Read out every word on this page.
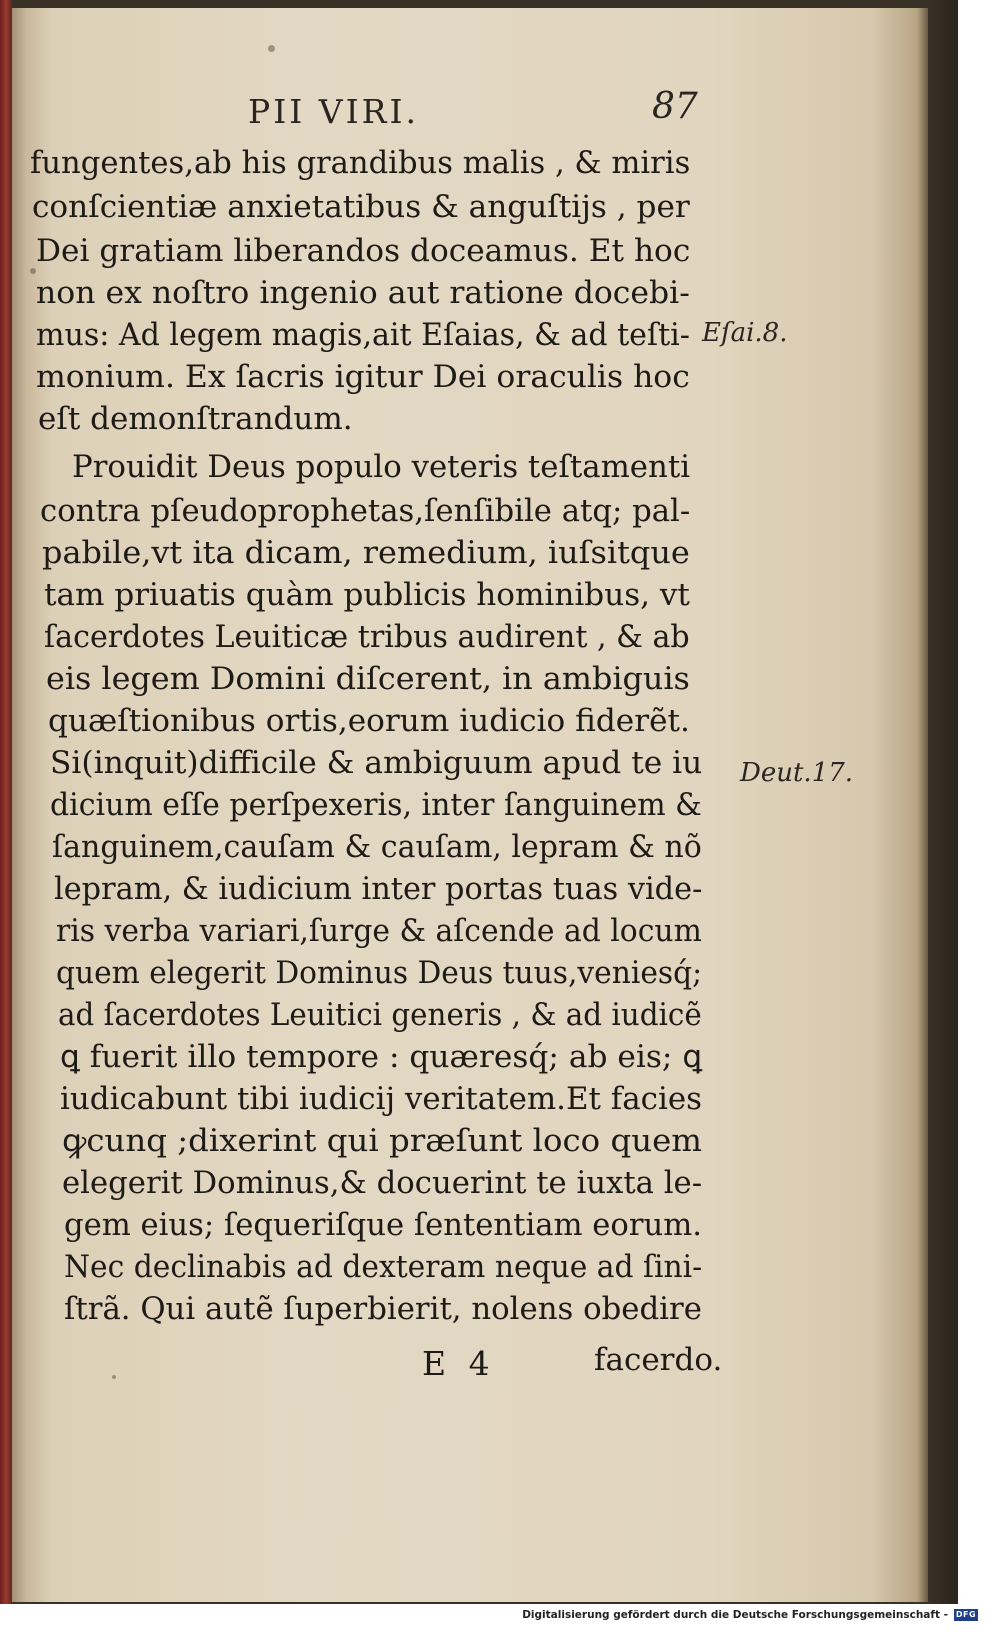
PII VIRI.	87
Eſai.8.
Deut.17.
fungentes,ab his grandibus malis , & miris
conſcientiæ anxietatibus & anguſtijs , per
Dei gratiam liberandos doceamus. Et hoc
non ex noſtro ingenio aut ratione docebi-
mus: Ad legem magis,ait Eſaias, & ad teſti-
monium. Ex ſacris igitur Dei oraculis hoc
eſt demonſtrandum.
Prouidit Deus populo veteris teſtamenti
contra pſeudoprophetas,ſenſibile atq; pal-
pabile,vt ita dicam, remedium, iuſsitque
tam priuatis quàm publicis hominibus, vt
ſacerdotes Leuiticæ tribus audirent , & ab
eis legem Domini diſcerent, in ambiguis
quæſtionibus ortis,eorum iudicio fiderẽt.
Si(inquit)difficile & ambiguum apud te iu
dicium eſſe perſpexeris, inter ſanguinem &
ſanguinem,cauſam & cauſam, lepram & nõ
lepram, & iudicium inter portas tuas vide-
ris verba variari,ſurge & aſcende ad locum
quem elegerit Dominus Deus tuus,veniesq́;
ad ſacerdotes Leuitici generis , & ad iudicẽ
ꝗ fuerit illo tempore : quæresq́; ab eis; ꝗ
iudicabunt tibi iudicij veritatem.Et facies
ꝙcunq ;dixerint qui præſunt loco quem
elegerit Dominus,& docuerint te iuxta le-
gem eius; ſequeriſque ſententiam eorum.
Nec declinabis ad dexteram neque ad ſini-
ſtrã. Qui autẽ ſuperbierit, nolens obedire
E 4	facerdo.
Digitalisierung gefördert durch die Deutsche Forschungsgemeinschaft - DFG
